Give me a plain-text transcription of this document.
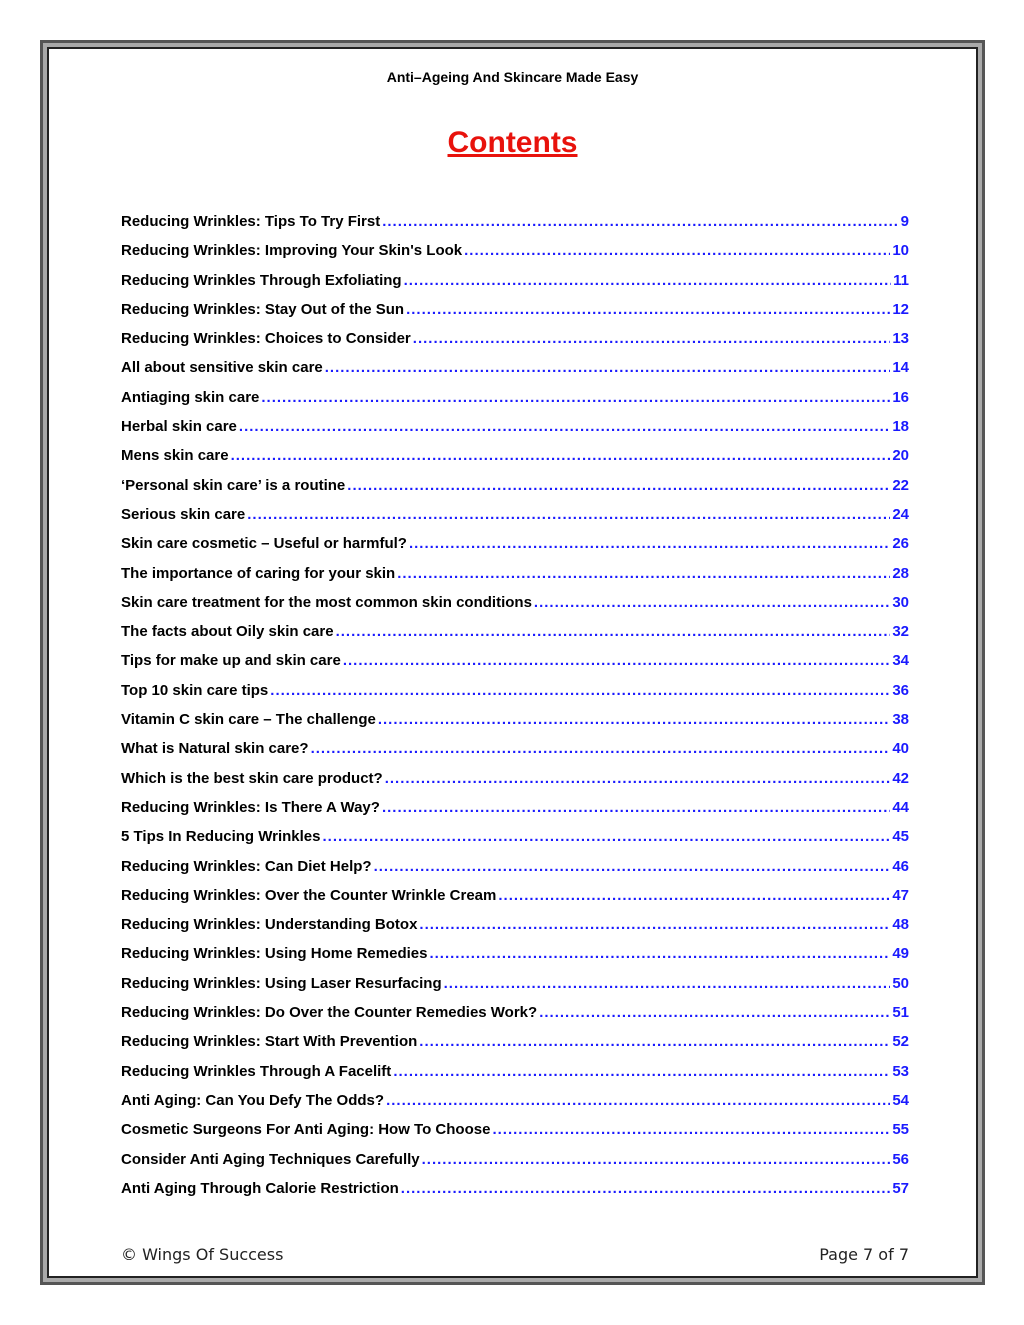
Anti–Ageing And Skincare Made Easy
Contents
Reducing Wrinkles: Tips To Try First .....	9
Reducing Wrinkles: Improving Your Skin's Look .....	10
Reducing Wrinkles Through Exfoliating .....	11
Reducing Wrinkles: Stay Out of the Sun .....	12
Reducing Wrinkles: Choices to Consider .....	13
All about sensitive skin care .....	14
Antiaging skin care .....	16
Herbal skin care .....	18
Mens skin care .....	20
‘Personal skin care’ is a routine .....	22
Serious skin care .....	24
Skin care cosmetic – Useful or harmful? .....	26
The importance of caring for your skin .....	28
Skin care treatment for the most common skin conditions .....	30
The facts about Oily skin care .....	32
Tips for make up and skin care .....	34
Top 10 skin care tips .....	36
Vitamin C skin care – The challenge .....	38
What is Natural skin care? .....	40
Which is the best skin care product? .....	42
Reducing Wrinkles: Is There A Way? .....	44
5 Tips In Reducing Wrinkles .....	45
Reducing Wrinkles: Can Diet Help? .....	46
Reducing Wrinkles: Over the Counter Wrinkle Cream .....	47
Reducing Wrinkles: Understanding Botox .....	48
Reducing Wrinkles: Using Home Remedies .....	49
Reducing Wrinkles: Using Laser Resurfacing .....	50
Reducing Wrinkles: Do Over the Counter Remedies Work? .....	51
Reducing Wrinkles: Start With Prevention .....	52
Reducing Wrinkles Through A Facelift .....	53
Anti Aging: Can You Defy The Odds? .....	54
Cosmetic Surgeons For Anti Aging: How To Choose .....	55
Consider Anti Aging Techniques Carefully .....	56
Anti Aging Through Calorie Restriction .....	57
© Wings Of Success	Page 7 of 7
